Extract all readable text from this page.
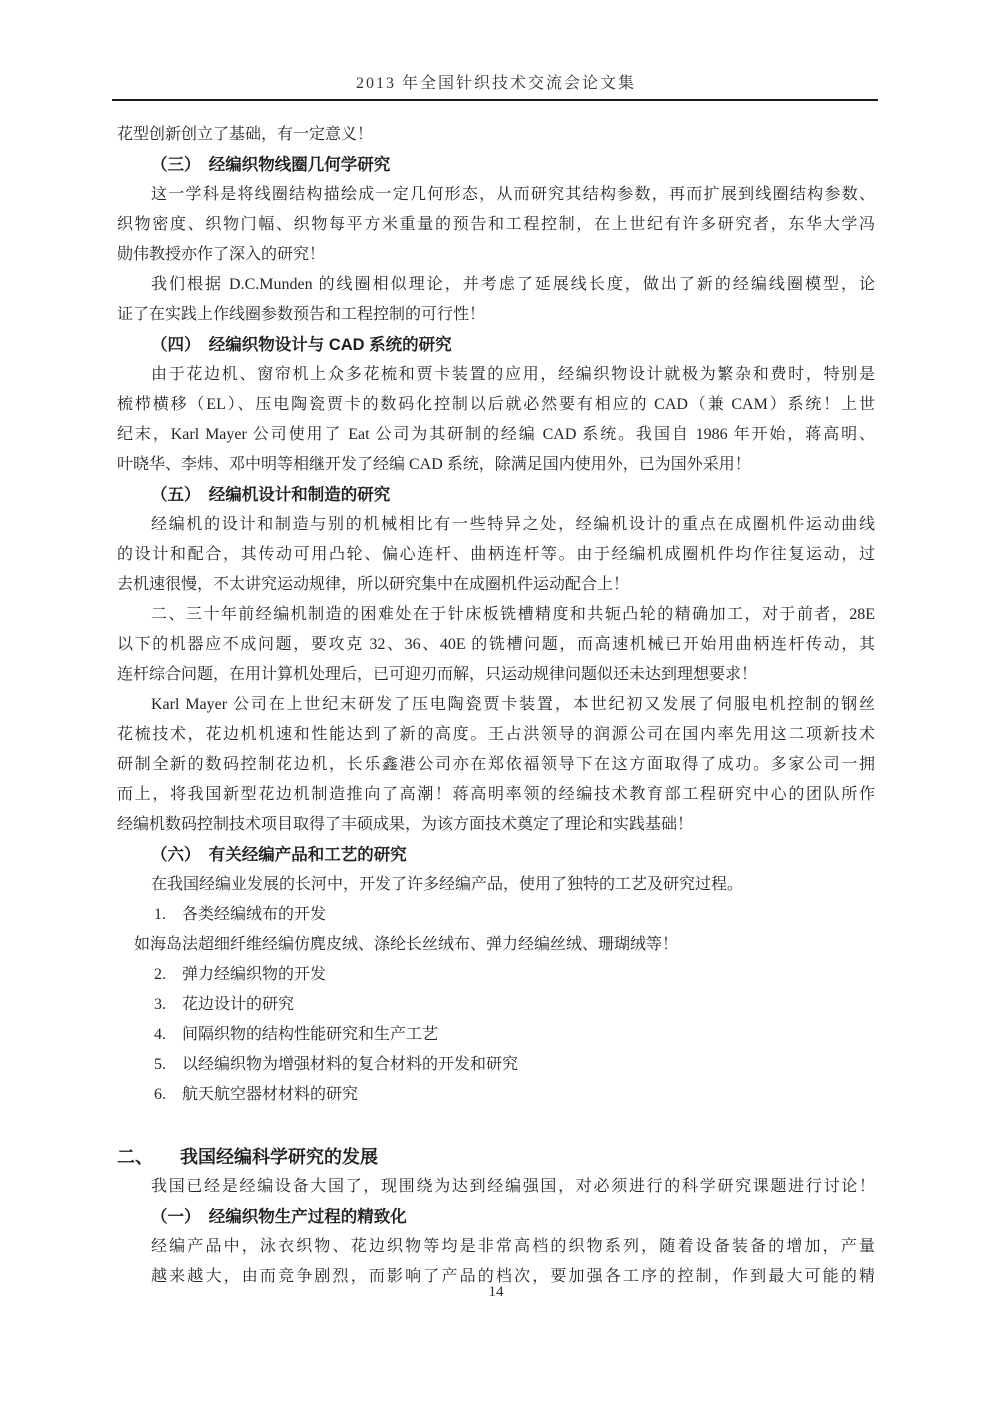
2013 年全国针织技术交流会论文集
花型创新创立了基础，有一定意义！
（三）　经编织物线圈几何学研究
这一学科是将线圈结构描绘成一定几何形态，从而研究其结构参数，再而扩展到线圈结构参数、
织物密度、织物门幅、织物每平方米重量的预告和工程控制，在上世纪有许多研究者，东华大学冯
勋伟教授亦作了深入的研究！
我们根据 D.C.Munden 的线圈相似理论，并考虑了延展线长度，做出了新的经编线圈模型，论
证了在实践上作线圈参数预告和工程控制的可行性！
（四）　经编织物设计与 CAD 系统的研究
由于花边机、窗帘机上众多花梳和贾卡装置的应用，经编织物设计就极为繁杂和费时，特别是
梳栉横移（EL）、压电陶瓷贾卡的数码化控制以后就必然要有相应的 CAD（兼 CAM）系统！上世
纪末，Karl Mayer 公司使用了 Eat 公司为其研制的经编 CAD 系统。我国自 1986 年开始，蒋高明、
叶晓华、李炜、邓中明等相继开发了经编 CAD 系统，除满足国内使用外，已为国外采用！
（五）　经编机设计和制造的研究
经编机的设计和制造与别的机械相比有一些特异之处，经编机设计的重点在成圈机件运动曲线
的设计和配合，其传动可用凸轮、偏心连杆、曲柄连杆等。由于经编机成圈机件均作往复运动，过
去机速很慢，不太讲究运动规律，所以研究集中在成圈机件运动配合上！
二、三十年前经编机制造的困难处在于针床板铣槽精度和共轭凸轮的精确加工，对于前者，28E
以下的机器应不成问题，要攻克 32、36、40E 的铣槽问题，而高速机械已开始用曲柄连杆传动，其
连杆综合问题，在用计算机处理后，已可迎刃而解，只运动规律问题似还未达到理想要求！
Karl Mayer 公司在上世纪末研发了压电陶瓷贾卡装置，本世纪初又发展了伺服电机控制的钢丝
花梳技术，花边机机速和性能达到了新的高度。王占洪领导的润源公司在国内率先用这二项新技术
研制全新的数码控制花边机，长乐鑫港公司亦在郑依福领导下在这方面取得了成功。多家公司一拥
而上，将我国新型花边机制造推向了高潮！蒋高明率领的经编技术教育部工程研究中心的团队所作
经编机数码控制技术项目取得了丰硕成果，为该方面技术奠定了理论和实践基础！
（六）　有关经编产品和工艺的研究
在我国经编业发展的长河中，开发了许多经编产品，使用了独特的工艺及研究过程。
1.　各类经编绒布的开发
如海岛法超细纤维经编仿麂皮绒、涤纶长丝绒布、弹力经编丝绒、珊瑚绒等！
2.　弹力经编织物的开发
3.　花边设计的研究
4.　间隔织物的结构性能研究和生产工艺
5.　以经编织物为增强材料的复合材料的开发和研究
6.　航天航空器材材料的研究
二、　　我国经编科学研究的发展
我国已经是经编设备大国了，现围绕为达到经编强国，对必须进行的科学研究课题进行讨论！
（一）　经编织物生产过程的精致化
经编产品中，泳衣织物、花边织物等均是非常高档的织物系列，随着设备装备的增加，产量
越来越大，由而竞争剧烈，而影响了产品的档次，要加强各工序的控制，作到最大可能的精
14
